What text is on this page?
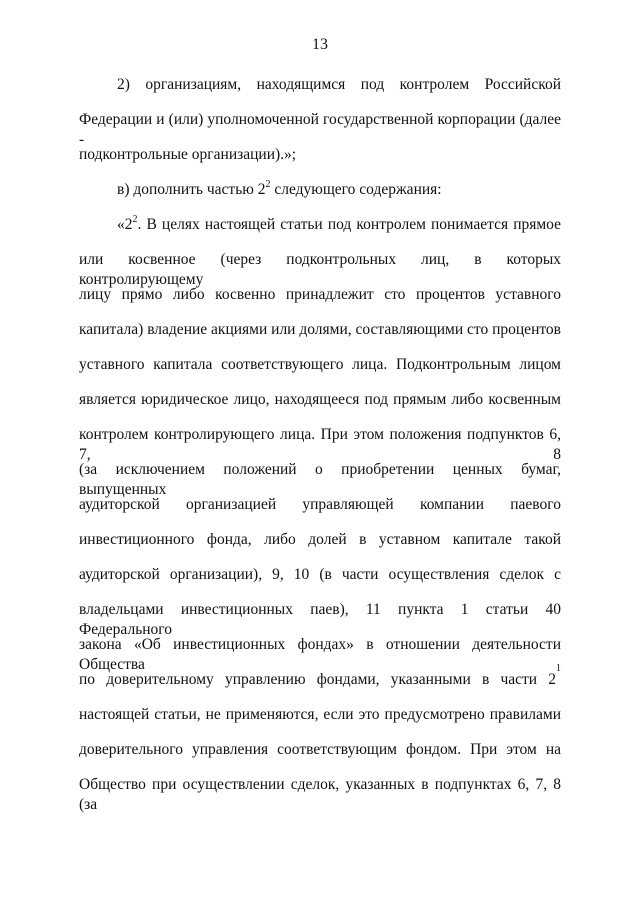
13
2) организациям, находящимся под контролем Российской
Федерации и (или) уполномоченной государственной корпорации (далее -
подконтрольные организации).»;
в) дополнить частью $2^2$ следующего содержания:
«$2^2$ . В целях настоящей статьи под контролем понимается прямое
или косвенное (через подконтрольных лиц, в которых контролирующему
лицу прямо либо косвенно принадлежит сто процентов уставного
капитала) владение акциями или долями, составляющими сто процентов
уставного капитала соответствующего лица. Подконтрольным лицом
является юридическое лицо, находящееся под прямым либо косвенным
контролем контролирующего лица. При этом положения подпунктов 6, 7, 8
(за исключением положений о приобретении ценных бумаг, выпущенных
аудиторской организацией управляющей компании паевого
инвестиционного фонда, либо долей в уставном капитале такой
аудиторской организации), 9, 10 (в части осуществления сделок с
владельцами инвестиционных паев), 11 пункта 1 статьи 40 Федерального
закона «Об инвестиционных фондах» в отношении деятельности Общества
по доверительному управлению фондами, указанными в части 2
$^1$
настоящей статьи, не применяются, если это предусмотрено правилами
доверительного управления соответствующим фондом. При этом на
Общество при осуществлении сделок, указанных в подпунктах 6, 7, 8 (за
